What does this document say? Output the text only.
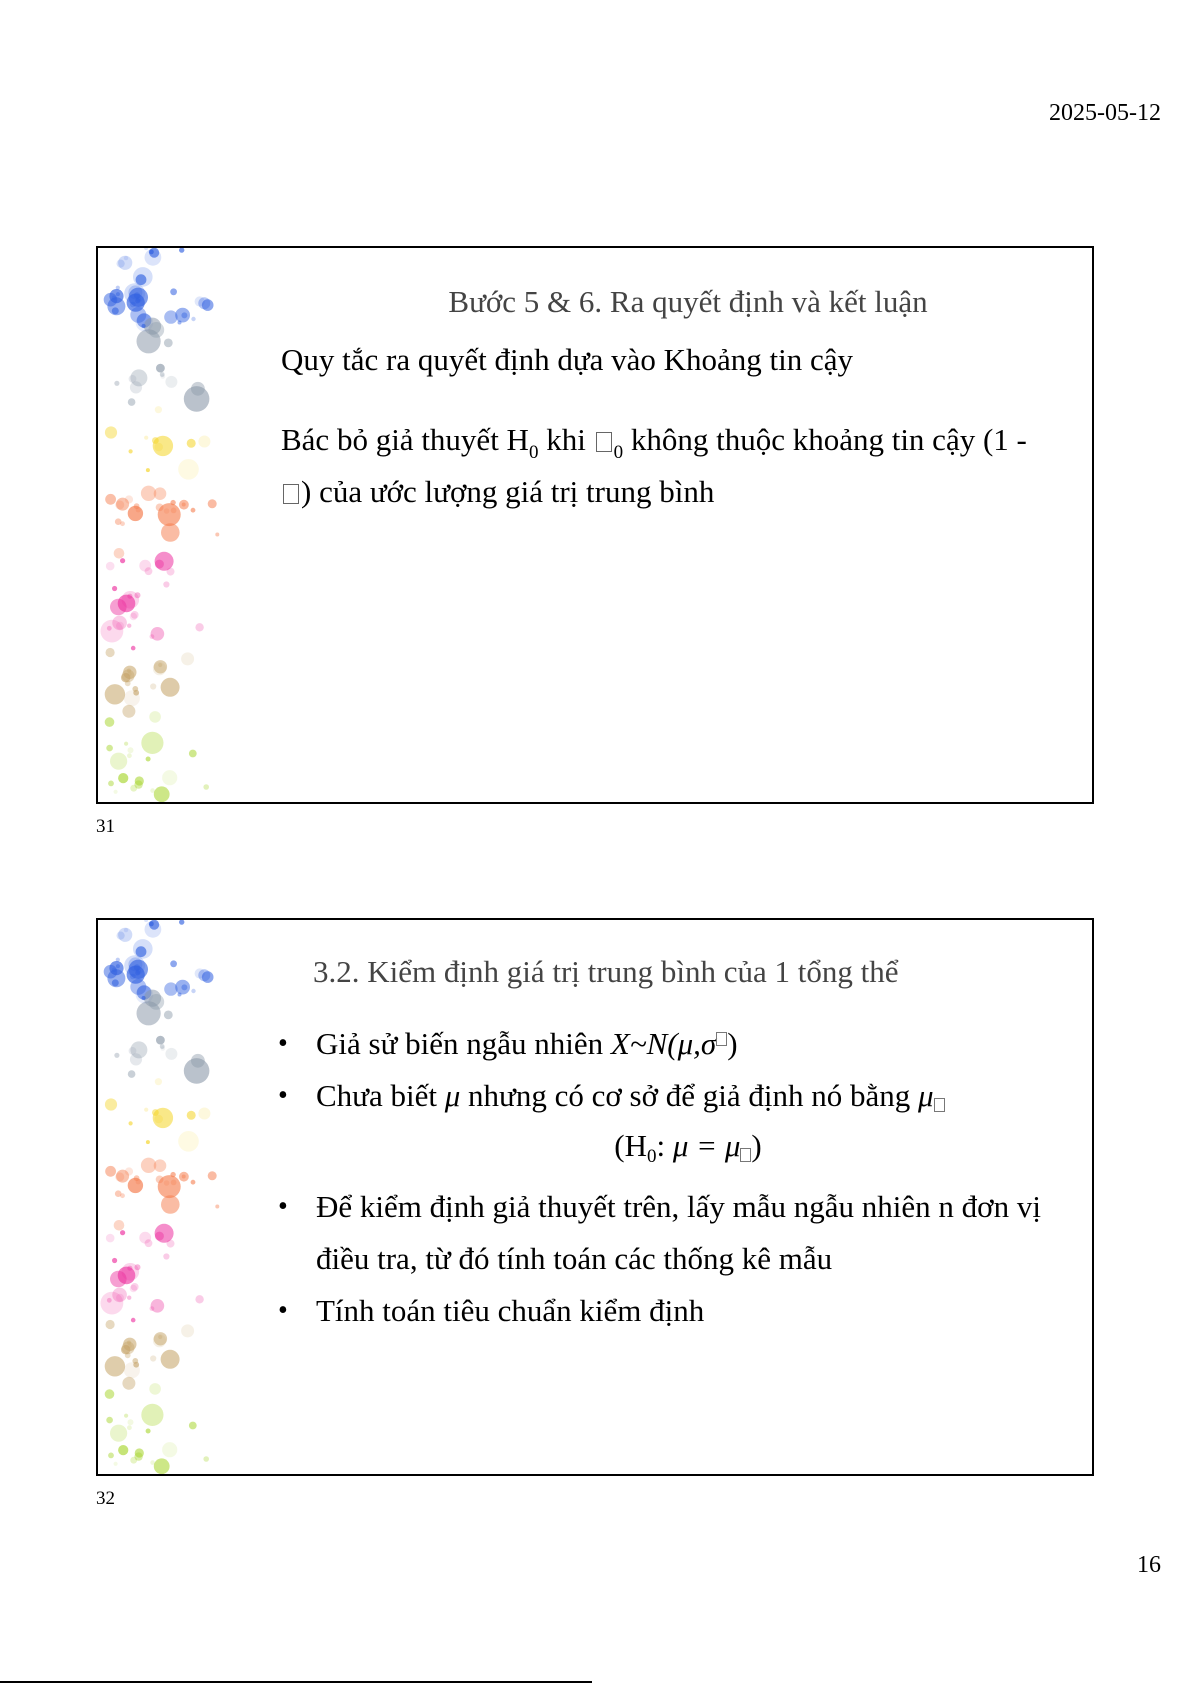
2025-05-12
Bước 5 & 6. Ra quyết định và kết luận
Quy tắc ra quyết định dựa vào Khoảng tin cậy
Bác bỏ giả thuyết $H_0$ khi $_0$ không thuộc khoảng tin cậy (1 - ) của ước lượng giá trị trung bình
31
3.2. Kiểm định giá trị trung bình của 1 tổng thể
• Giả sử biến ngẫu nhiên X~N(μ,σ )
• Chưa biết μ nhưng có cơ sở để giả định nó bằng μ
(H0: μ = μ )
• Để kiểm định giả thuyết trên, lấy mẫu ngẫu nhiên n đơn vị điều tra, từ đó tính toán các thống kê mẫu
• Tính toán tiêu chuẩn kiểm định
32
16
